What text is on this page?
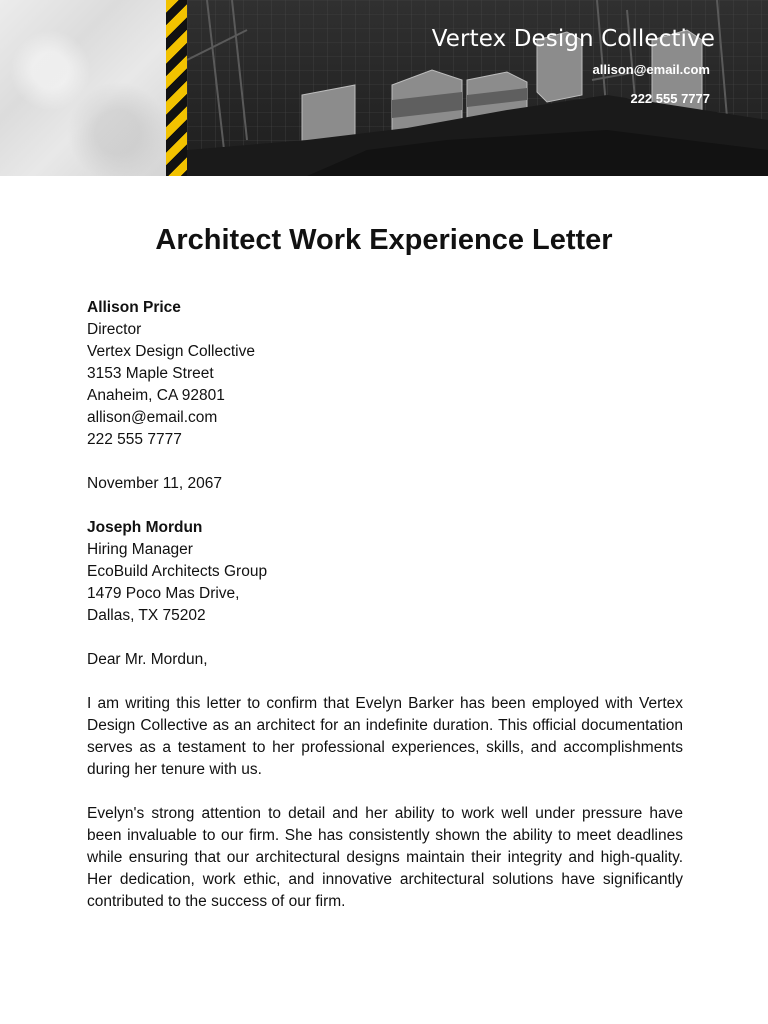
Vertex Design Collective
allison@email.com
222 555 7777
Architect Work Experience Letter
Allison Price
Director
Vertex Design Collective
3153 Maple Street
Anaheim, CA 92801
allison@email.com
222 555 7777
November 11, 2067
Joseph Mordun
Hiring Manager
EcoBuild Architects Group
1479 Poco Mas Drive,
Dallas, TX 75202
Dear Mr. Mordun,

I am writing this letter to confirm that Evelyn Barker has been employed with Vertex Design Collective as an architect for an indefinite duration. This official documentation serves as a testament to her professional experiences, skills, and accomplishments during her tenure with us.

Evelyn's strong attention to detail and her ability to work well under pressure have been invaluable to our firm. She has consistently shown the ability to meet deadlines while ensuring that our architectural designs maintain their integrity and high-quality. Her dedication, work ethic, and innovative architectural solutions have significantly contributed to the success of our firm.
